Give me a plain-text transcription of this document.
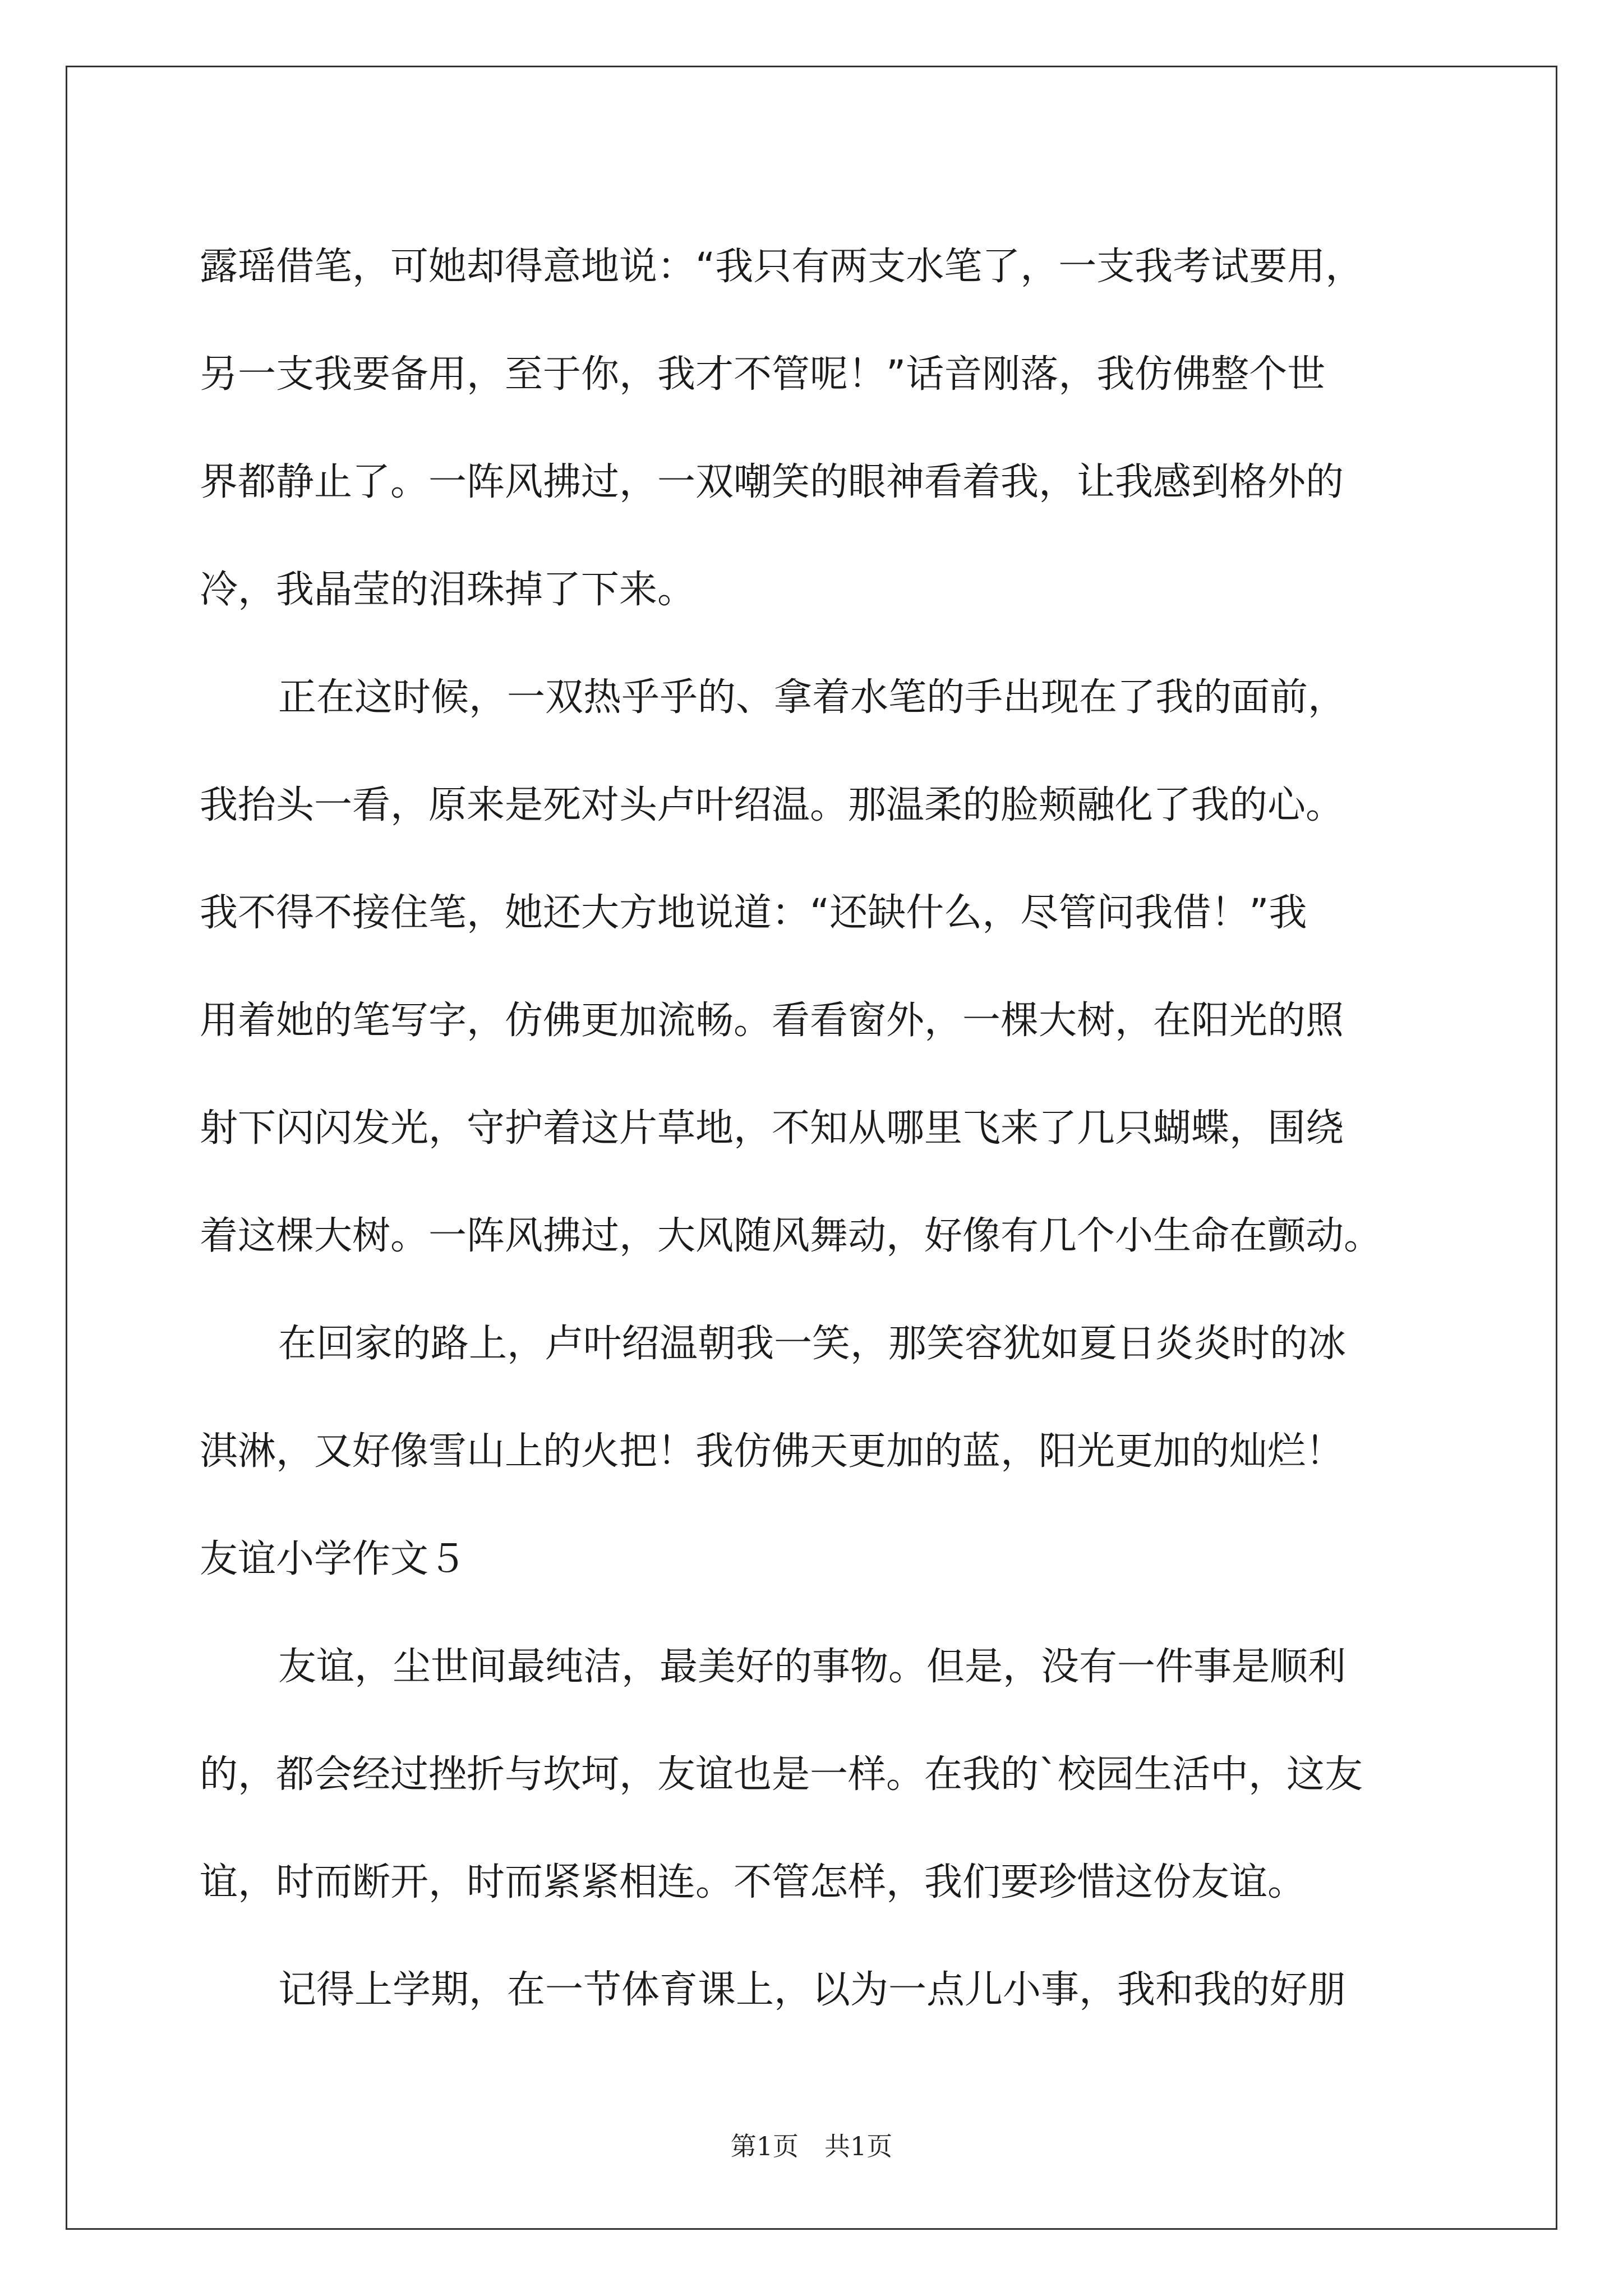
露瑶借笔，可她却得意地说：“我只有两支水笔了，一支我考试要用，
另一支我要备用，至于你，我才不管呢！”话音刚落，我仿佛整个世
界都静止了。一阵风拂过，一双嘲笑的眼神看着我，让我感到格外的
冷，我晶莹的泪珠掉了下来。
正在这时候，一双热乎乎的、拿着水笔的手出现在了我的面前，
我抬头一看，原来是死对头卢叶绍温。那温柔的脸颊融化了我的心。
我不得不接住笔，她还大方地说道：“还缺什么，尽管问我借！”我
用着她的笔写字，仿佛更加流畅。看看窗外，一棵大树，在阳光的照
射下闪闪发光，守护着这片草地，不知从哪里飞来了几只蝴蝶，围绕
着这棵大树。一阵风拂过，大风随风舞动，好像有几个小生命在颤动。
在回家的路上，卢叶绍温朝我一笑，那笑容犹如夏日炎炎时的冰
淇淋，又好像雪山上的火把！我仿佛天更加的蓝，阳光更加的灿烂！
友谊小学作文５
友谊，尘世间最纯洁，最美好的事物。但是，没有一件事是顺利
的，都会经过挫折与坎坷，友谊也是一样。在我的`校园生活中，这友
谊，时而断开，时而紧紧相连。不管怎样，我们要珍惜这份友谊。
记得上学期，在一节体育课上，以为一点儿小事，我和我的好朋
第1页　共1页
